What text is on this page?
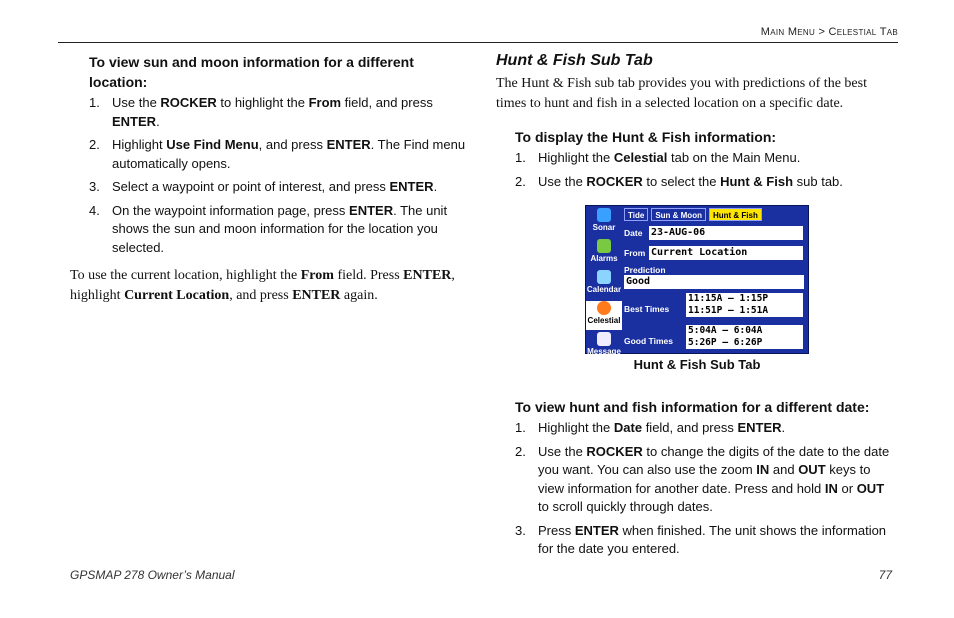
Main Menu > Celestial Tab
To view sun and moon information for a different location:
1. Use the ROCKER to highlight the From field, and press ENTER.
2. Highlight Use Find Menu, and press ENTER. The Find menu automatically opens.
3. Select a waypoint or point of interest, and press ENTER.
4. On the waypoint information page, press ENTER. The unit shows the sun and moon information for the location you selected.
To use the current location, highlight the From field. Press ENTER, highlight Current Location, and press ENTER again.
Hunt & Fish Sub Tab
The Hunt & Fish sub tab provides you with predictions of the best times to hunt and fish in a selected location on a specific date.
To display the Hunt & Fish information:
1. Highlight the Celestial tab on the Main Menu.
2. Use the ROCKER to select the Hunt & Fish sub tab.
Sonar
Alarms
Calendar
Celestial
Message
Tide	Sun & Moon	Hunt & Fish
Date 23-AUG-06
From Current Location
Prediction
Good
Best Times
11:15A – 1:15P
11:51P – 1:51A
Good Times
5:04A – 6:04A
5:26P – 6:26P
Hunt & Fish Sub Tab
To view hunt and fish information for a different date:
1. Highlight the Date field, and press ENTER.
2. Use the ROCKER to change the digits of the date to the date you want. You can also use the zoom IN and OUT keys to view information for another date. Press and hold IN or OUT to scroll quickly through dates.
3. Press ENTER when finished. The unit shows the information for the date you entered.
GPSMAP 278 Owner’s Manual	77
